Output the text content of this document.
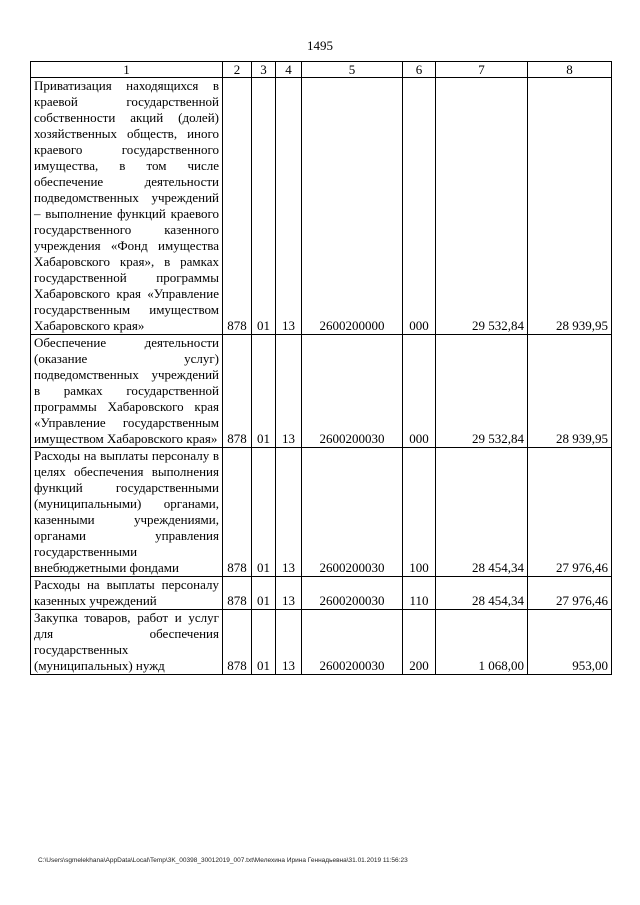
1495
1	2	3	4	5	6	7	8
Приватизация находящихся в краевой государственной собственности акций (долей) хозяйственных обществ, иного краевого государственного имущества, в том числе обеспечение деятельности подведомственных учреждений – выполнение функций краевого государственного казенного учреждения «Фонд имущества Хабаровского края», в рамках государственной программы Хабаровского края «Управление государственным имуществом Хабаровского края»	878	01	13	2600200000	000	29 532,84	28 939,95
Обеспечение деятельности (оказание услуг) подведомственных учреждений в рамках государственной программы Хабаровского края «Управление государственным имуществом Хабаровского края»	878	01	13	2600200030	000	29 532,84	28 939,95
Расходы на выплаты персоналу в целях обеспечения выполнения функций государственными (муниципальными) органами, казенными учреждениями, органами управления государственными внебюджетными фондами	878	01	13	2600200030	100	28 454,34	27 976,46
Расходы на выплаты персоналу казенных учреждений	878	01	13	2600200030	110	28 454,34	27 976,46
Закупка товаров, работ и услуг для обеспечения государственных (муниципальных) нужд	878	01	13	2600200030	200	1 068,00	953,00
C:\Users\sgmelekhana\AppData\Local\Temp\3K_00398_30012019_007.txt\Мелехина Ирина Геннадьевна\31.01.2019 11:56:23
